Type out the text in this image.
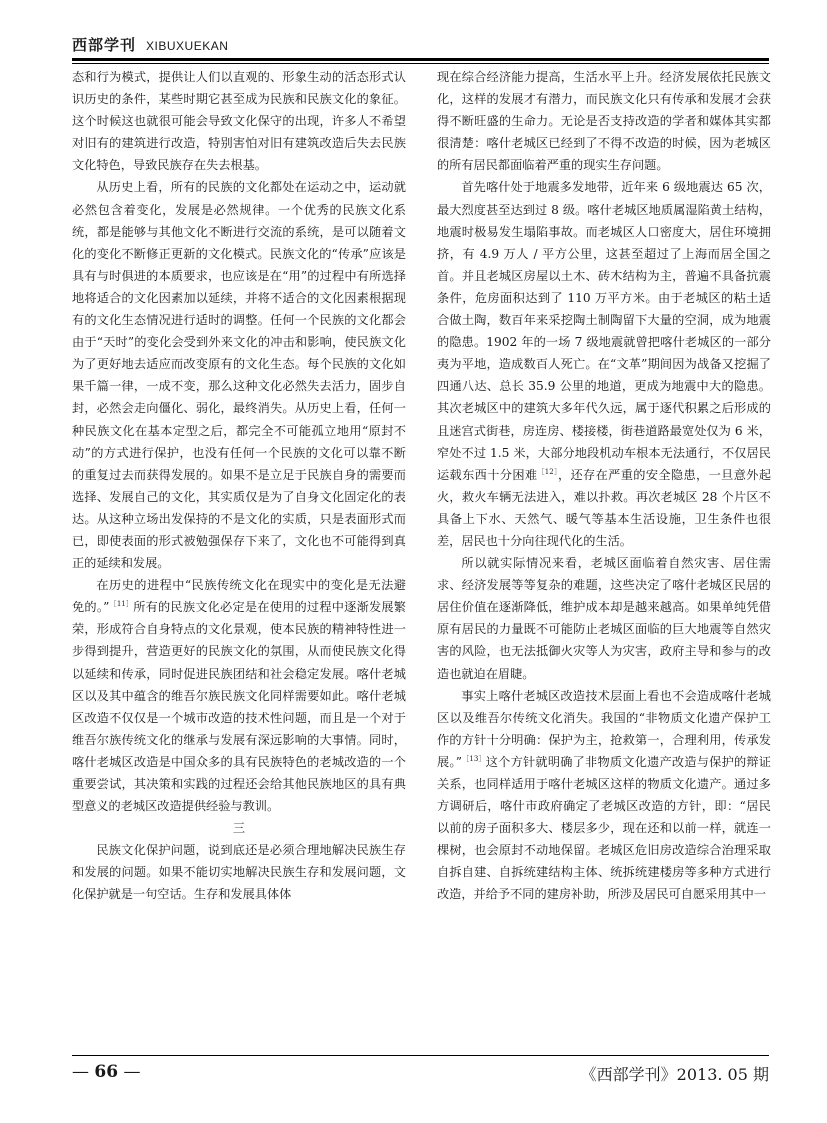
西部学刊 XIBUXUEKAN

态和行为模式，提供让人们以直观的、形象生动的活态形式认识历史的条件，某些时期它甚至成为民族和民族文化的象征。这个时候这也就很可能会导致文化保守的出现，许多人不希望对旧有的建筑进行改造，特别害怕对旧有建筑改造后失去民族文化特色，导致民族存在失去根基。

从历史上看，所有的民族的文化都处在运动之中，运动就必然包含着变化，发展是必然规律。一个优秀的民族文化系统，都是能够与其他文化不断进行交流的系统，是可以随着文化的变化不断修正更新的文化模式。民族文化的“传承”应该是具有与时俱进的本质要求，也应该是在“用”的过程中有所选择地将适合的文化因素加以延续，并将不适合的文化因素根据现有的文化生态情况进行适时的调整。任何一个民族的文化都会由于“天时”的变化会受到外来文化的冲击和影响，使民族文化为了更好地去适应而改变原有的文化生态。每个民族的文化如果千篇一律，一成不变，那么这种文化必然失去活力，固步自封，必然会走向僵化、弱化，最终消失。从历史上看，任何一种民族文化在基本定型之后，都完全不可能孤立地用“原封不动”的方式进行保护，也没有任何一个民族的文化可以靠不断的重复过去而获得发展的。如果不是立足于民族自身的需要而选择、发展自己的文化，其实质仅是为了自身文化固定化的表达。从这种立场出发保持的不是文化的实质，只是表面形式而已，即使表面的形式被勉强保存下来了，文化也不可能得到真正的延续和发展。

在历史的进程中“民族传统文化在现实中的变化是无法避免的。”$^{[11]}$所有的民族文化必定是在使用的过程中逐渐发展繁荣，形成符合自身特点的文化景观，使本民族的精神特性进一步得到提升，营造更好的民族文化的氛围，从而使民族文化得以延续和传承，同时促进民族团结和社会稳定发展。喀什老城区以及其中蕴含的维吾尔族民族文化同样需要如此。喀什老城区改造不仅仅是一个城市改造的技术性问题，而且是一个对于维吾尔族传统文化的继承与发展有深远影响的大事情。同时，喀什老城区改造是中国众多的具有民族特色的老城改造的一个重要尝试，其决策和实践的过程还会给其他民族地区的具有典型意义的老城区改造提供经验与教训。

三

民族文化保护问题，说到底还是必须合理地解决民族生存和发展的问题。如果不能切实地解决民族生存和发展问题，文化保护就是一句空话。生存和发展具体体

现在综合经济能力提高，生活水平上升。经济发展依托民族文化，这样的发展才有潜力，而民族文化只有传承和发展才会获得不断旺盛的生命力。无论是否支持改造的学者和媒体其实都很清楚：喀什老城区已经到了不得不改造的时候，因为老城区的所有居民都面临着严重的现实生存问题。

首先喀什处于地震多发地带，近年来 6 级地震达 65 次，最大烈度甚至达到过 8 级。喀什老城区地质属湿陷黄土结构，地震时极易发生塌陷事故。而老城区人口密度大，居住环境拥挤，有 4.9 万人 / 平方公里，这甚至超过了上海而居全国之首。并且老城区房屋以土木、砖木结构为主，普遍不具备抗震条件，危房面积达到了 110 万平方米。由于老城区的粘土适合做土陶，数百年来采挖陶土制陶留下大量的空洞，成为地震的隐患。1902 年的一场 7 级地震就曾把喀什老城区的一部分夷为平地，造成数百人死亡。在“文革”期间因为战备又挖掘了四通八达、总长 35.9 公里的地道，更成为地震中大的隐患。其次老城区中的建筑大多年代久远，属于逐代积累之后形成的且迷宫式街巷，房连房、楼接楼，街巷道路最宽处仅为 6 米，窄处不过 1.5 米，大部分地段机动车根本无法通行，不仅居民运载东西十分困难$^{[12]}$，还存在严重的安全隐患，一旦意外起火，救火车辆无法进入，难以扑救。再次老城区 28 个片区不具备上下水、天然气、暖气等基本生活设施，卫生条件也很差，居民也十分向往现代化的生活。

所以就实际情况来看，老城区面临着自然灾害、居住需求、经济发展等等复杂的难题，这些决定了喀什老城区民居的居住价值在逐渐降低，维护成本却是越来越高。如果单纯凭借原有居民的力量既不可能防止老城区面临的巨大地震等自然灾害的风险，也无法抵御火灾等人为灾害，政府主导和参与的改造也就迫在眉睫。

事实上喀什老城区改造技术层面上看也不会造成喀什老城区以及维吾尔传统文化消失。我国的“非物质文化遗产保护工作的方针十分明确：保护为主，抢救第一，合理利用，传承发展。”$^{[13]}$这个方针就明确了非物质文化遗产改造与保护的辩证关系，也同样适用于喀什老城区这样的物质文化遗产。通过多方调研后，喀什市政府确定了老城区改造的方针，即：“居民以前的房子面积多大、楼层多少，现在还和以前一样，就连一棵树，也会原封不动地保留。老城区危旧房改造综合治理采取自拆自建、自拆统建结构主体、统拆统建楼房等多种方式进行改造，并给予不同的建房补助，所涉及居民可自愿采用其中一

— 66 —	《西部学刊》2013. 05 期
